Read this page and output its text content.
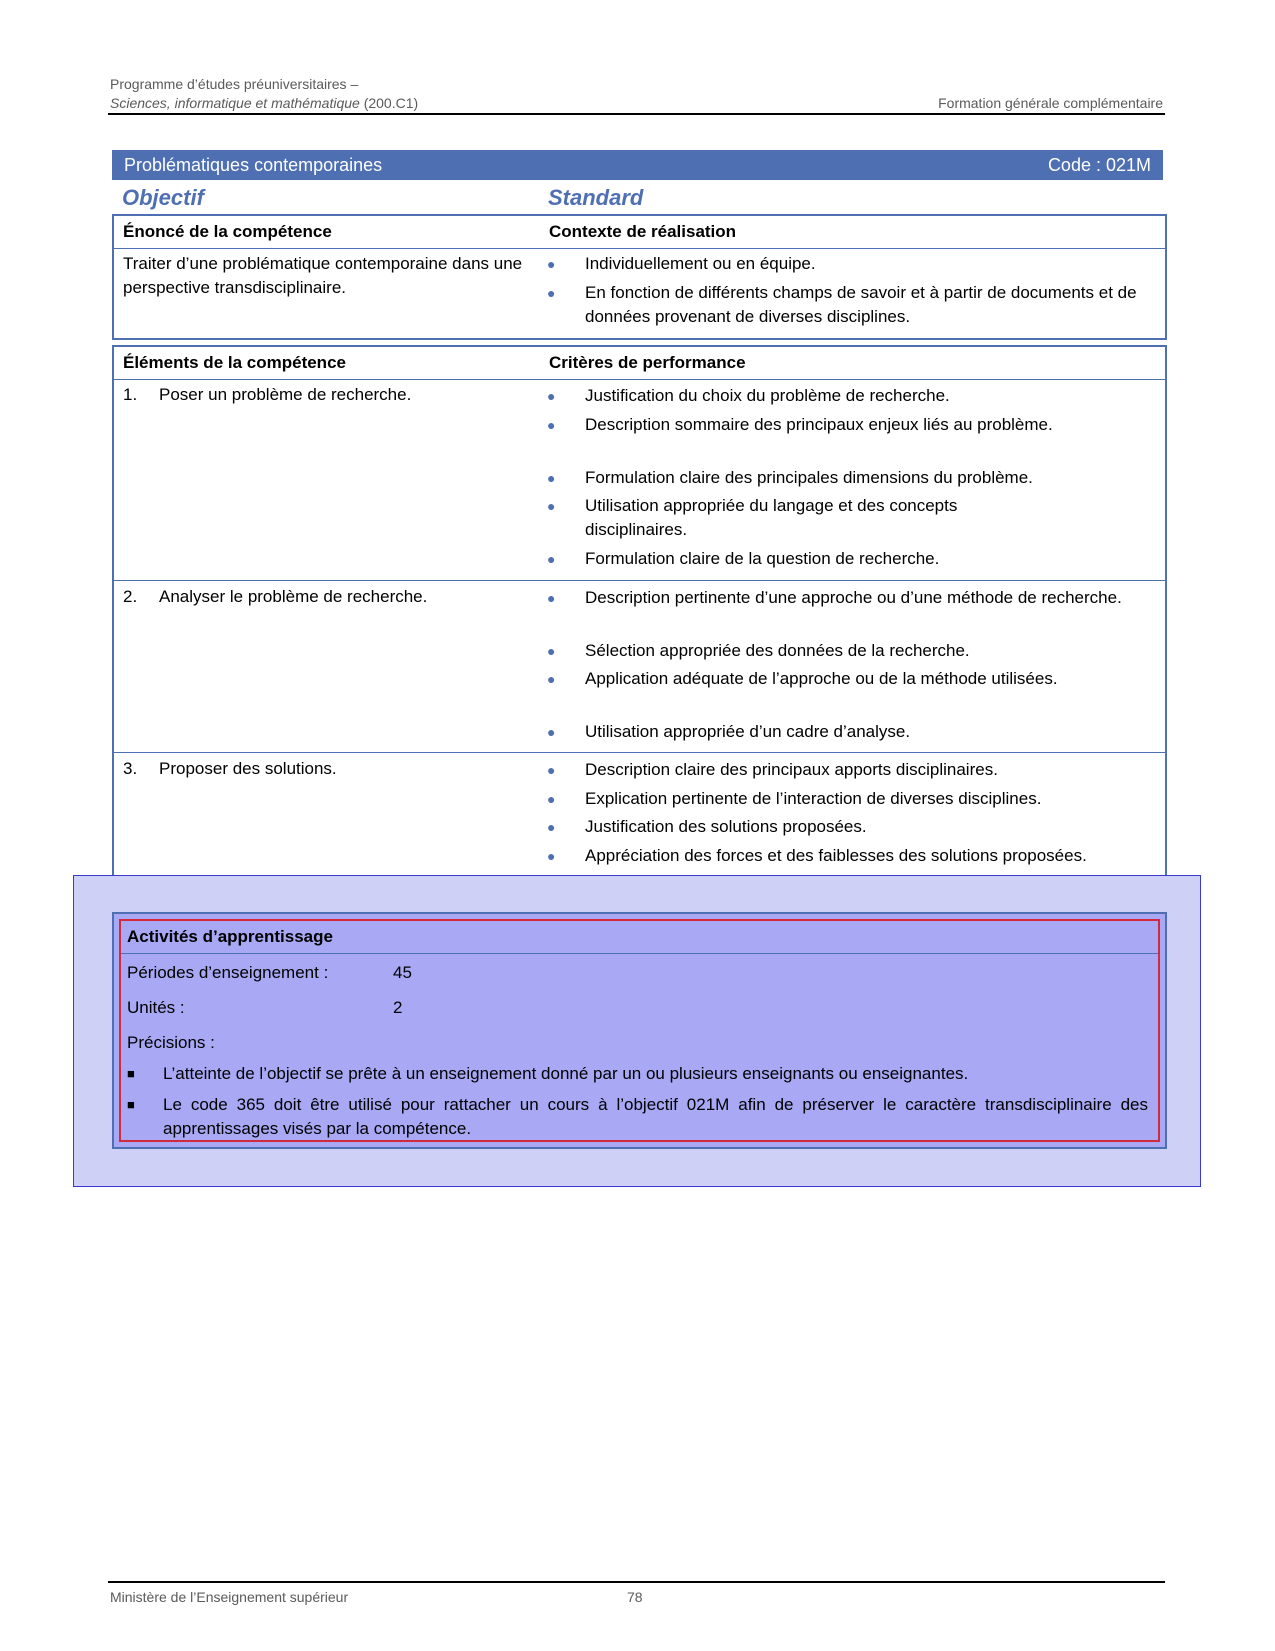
Programme d’études préuniversitaires –
Sciences, informatique et mathématique (200.C1)	Formation générale complémentaire
Problématiques contemporaines	Code : 021M
Objectif	Standard
Énoncé de la compétence	Contexte de réalisation
Traiter d’une problématique contemporaine dans une perspective transdisciplinaire.
● Individuellement ou en équipe.
● En fonction de différents champs de savoir et à partir de documents et de données provenant de diverses disciplines.
Éléments de la compétence	Critères de performance
1. Poser un problème de recherche.	● Justification du choix du problème de recherche.
● Description sommaire des principaux enjeux liés au problème.
● Formulation claire des principales dimensions du problème.
● Utilisation appropriée du langage et des concepts disciplinaires.
● Formulation claire de la question de recherche.
2. Analyser le problème de recherche.	● Description pertinente d’une approche ou d’une méthode de recherche.
● Sélection appropriée des données de la recherche.
● Application adéquate de l’approche ou de la méthode utilisées.
● Utilisation appropriée d’un cadre d’analyse.
3. Proposer des solutions.	● Description claire des principaux apports disciplinaires.
● Explication pertinente de l’interaction de diverses disciplines.
● Justification des solutions proposées.
● Appréciation des forces et des faiblesses des solutions proposées.
Activités d’apprentissage
Périodes d’enseignement :	45
Unités :	2
Précisions :
■ L’atteinte de l’objectif se prête à un enseignement donné par un ou plusieurs enseignants ou enseignantes.
■ Le code 365 doit être utilisé pour rattacher un cours à l’objectif 021M afin de préserver le caractère transdisciplinaire des apprentissages visés par la compétence.
Ministère de l’Enseignement supérieur	78
